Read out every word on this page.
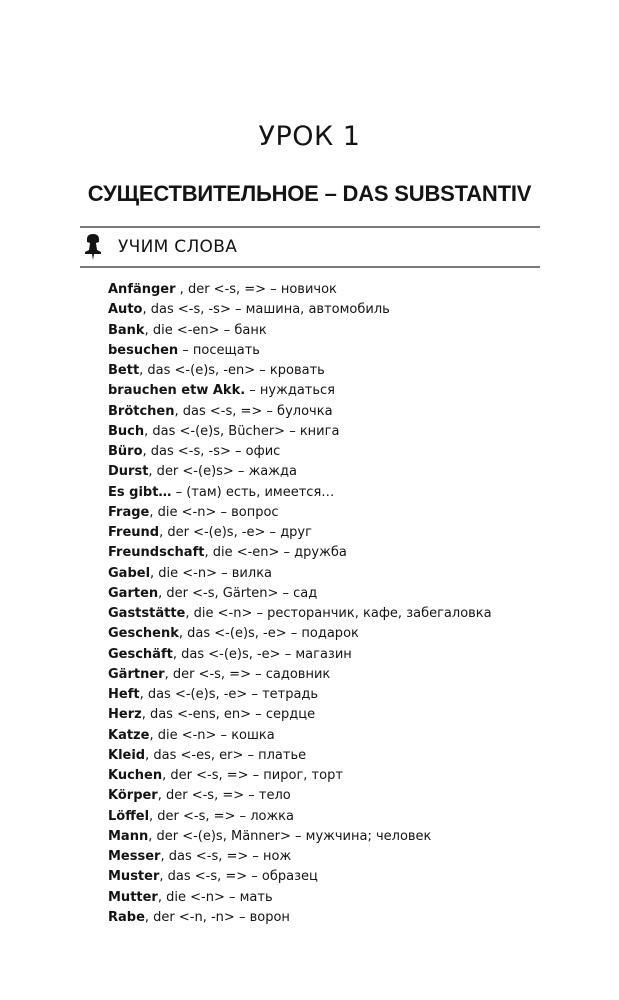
УРОК 1
СУЩЕСТВИТЕЛЬНОЕ – DAS SUBSTANTIV
УЧИМ СЛОВА
Anfänger , der <-s, => – новичок
Auto, das <-s, -s> – машина, автомобиль
Bank, die <-en> – банк
besuchen – посещать
Bett, das <-(e)s, -en> – кровать
brauchen etw Akk. – нуждаться
Brötchen, das <-s, => – булочка
Buch, das <-(e)s, Bücher> – книга
Büro, das <-s, -s> – офис
Durst, der <-(e)s> – жажда
Es gibt… – (там) есть, имеется…
Frage, die <-n> – вопрос
Freund, der <-(e)s, -e> – друг
Freundschaft, die <-en> – дружба
Gabel, die <-n> – вилка
Garten, der <-s, Gärten> – сад
Gaststätte, die <-n> – ресторанчик, кафе, забегаловка
Geschenk, das <-(e)s, -e> – подарок
Geschäft, das <-(e)s, -e> – магазин
Gärtner, der <-s, => – садовник
Heft, das <-(e)s, -e> – тетрадь
Herz, das <-ens, en> – сердце
Katze, die <-n> – кошка
Kleid, das <-es, er> – платье
Kuchen, der <-s, => – пирог, торт
Körper, der <-s, => – тело
Löffel, der <-s, => – ложка
Mann, der <-(e)s, Männer> – мужчина; человек
Messer, das <-s, => – нож
Muster, das <-s, => – образец
Mutter, die <-n> – мать
Rabe, der <-n, -n> – ворон
